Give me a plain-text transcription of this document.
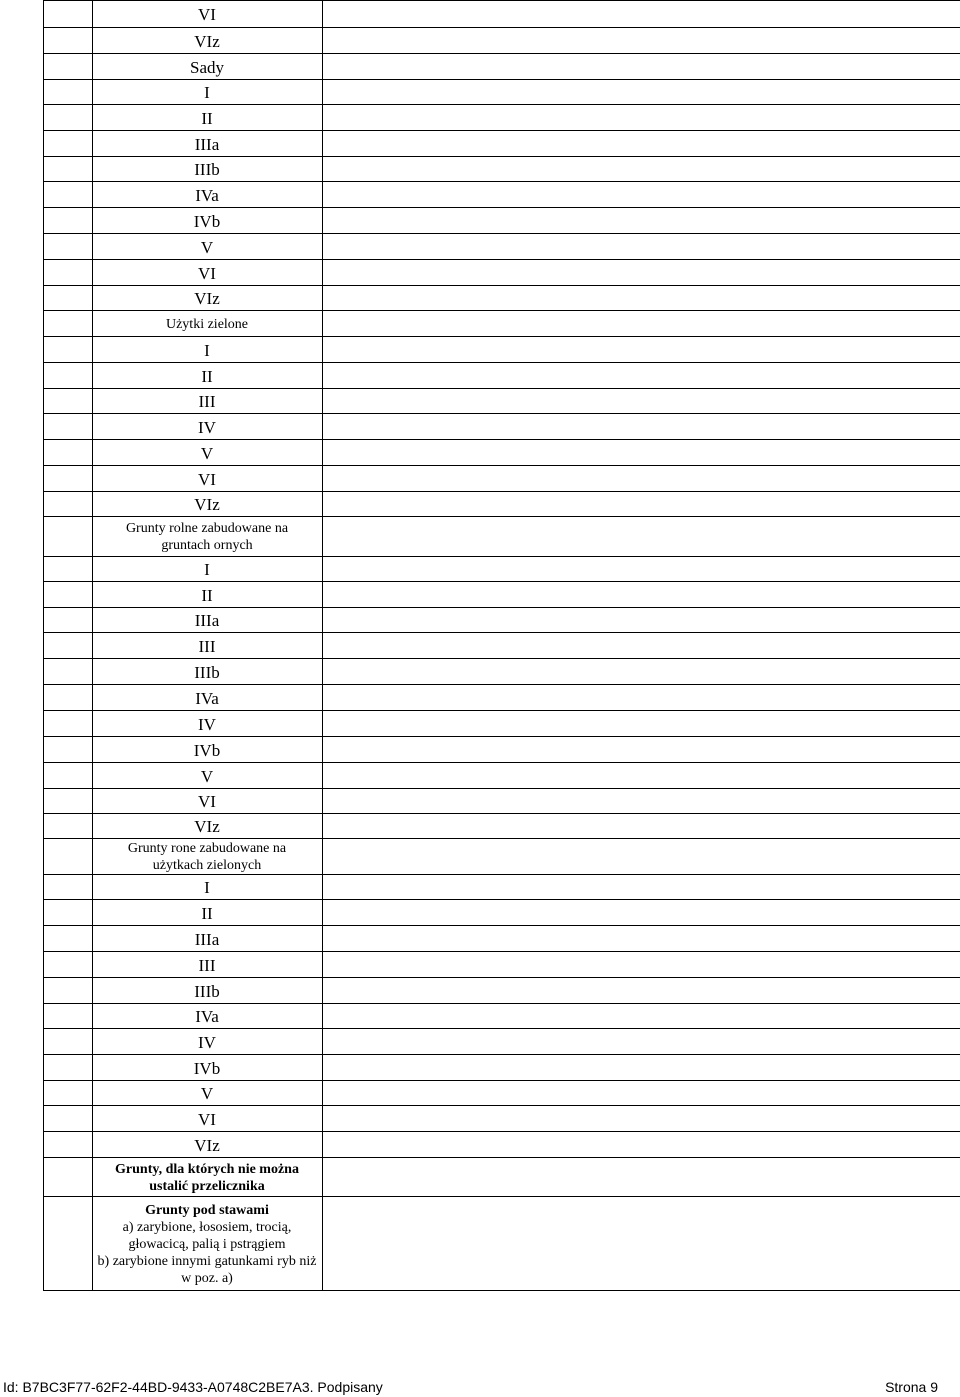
VI
VIz
Sady
I
II
IIIa
IIIb
IVa
IVb
V
VI
VIz
Użytki zielone
I
II
III
IV
V
VI
VIz
Grunty rolne zabudowane na
gruntach ornych
I
II
IIIa
III
IIIb
IVa
IV
IVb
V
VI
VIz
Grunty rone zabudowane na
użytkach zielonych
I
II
IIIa
III
IIIb
IVa
IV
IVb
V
VI
VIz
Grunty, dla których nie można
ustalić przelicznika
Grunty pod stawami
a) zarybione, łososiem, trocią,
głowacicą, palią i pstrągiem
b) zarybione innymi gatunkami ryb niż
w poz. a)
Id: B7BC3F77-62F2-44BD-9433-A0748C2BE7A3. Podpisany	Strona 9
